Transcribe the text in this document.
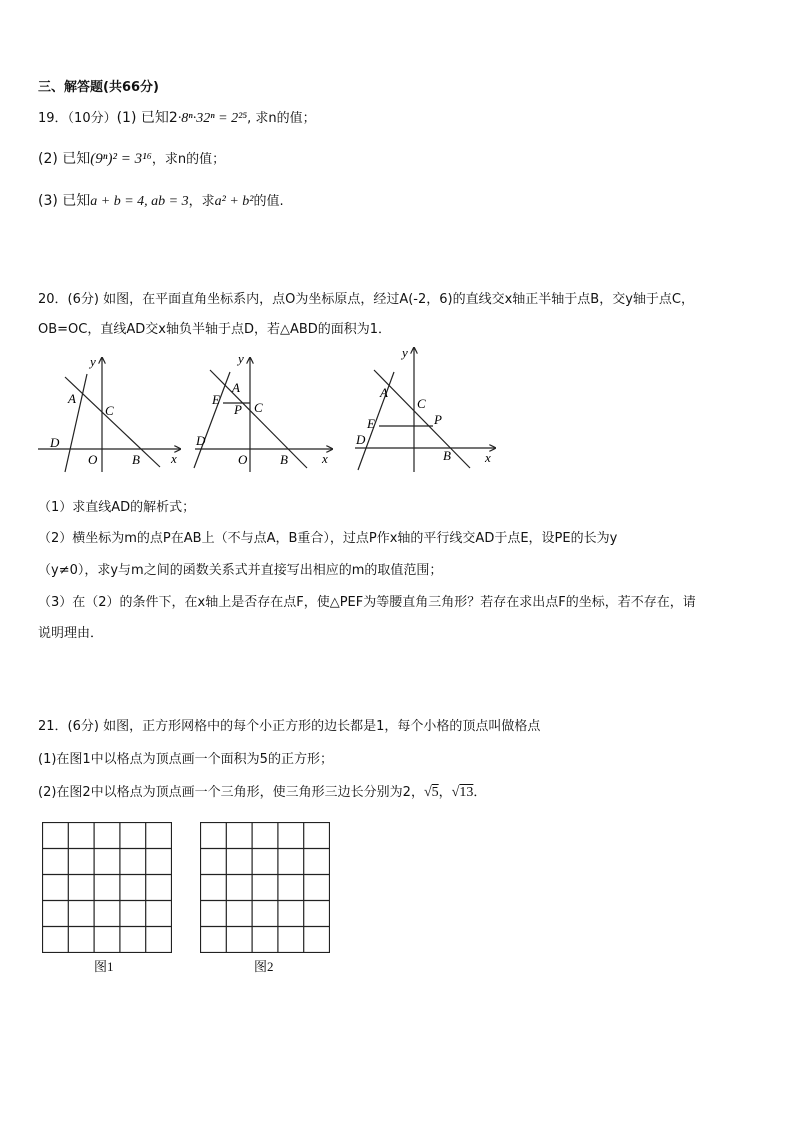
三、解答题(共66分)
19．（10分）(1) 已知2·8ⁿ·32ⁿ = 2²⁵, 求n的值；
(2) 已知(9ⁿ)² = 3¹⁶，求n的值；
(3) 已知a + b = 4, ab = 3，求a² + b²的值.
20．(6分) 如图，在平面直角坐标系内，点O为坐标原点，经过A(-2，6)的直线交x轴正半轴于点B，交y轴于点C，
OB=OC，直线AD交x轴负半轴于点D，若△ABD的面积为1．
y
A
C
D
O	B x
y
A
E
P C
D
O	B	x
y
A
C
P
E
D
B	x
（1）求直线AD的解析式；
（2）横坐标为m的点P在AB上（不与点A，B重合），过点P作x轴的平行线交AD于点E，设PE的长为y
（y≠0），求y与m之间的函数关系式并直接写出相应的m的取值范围；
（3）在（2）的条件下，在x轴上是否存在点F，使△PEF为等腰直角三角形？若存在求出点F的坐标，若不存在，请
说明理由．
21．(6分) 如图，正方形网格中的每个小正方形的边长都是1，每个小格的顶点叫做格点
(1)在图1中以格点为顶点画一个面积为5的正方形；
(2)在图2中以格点为顶点画一个三角形，使三角形三边长分别为2，√5，√13．
图1	图2
